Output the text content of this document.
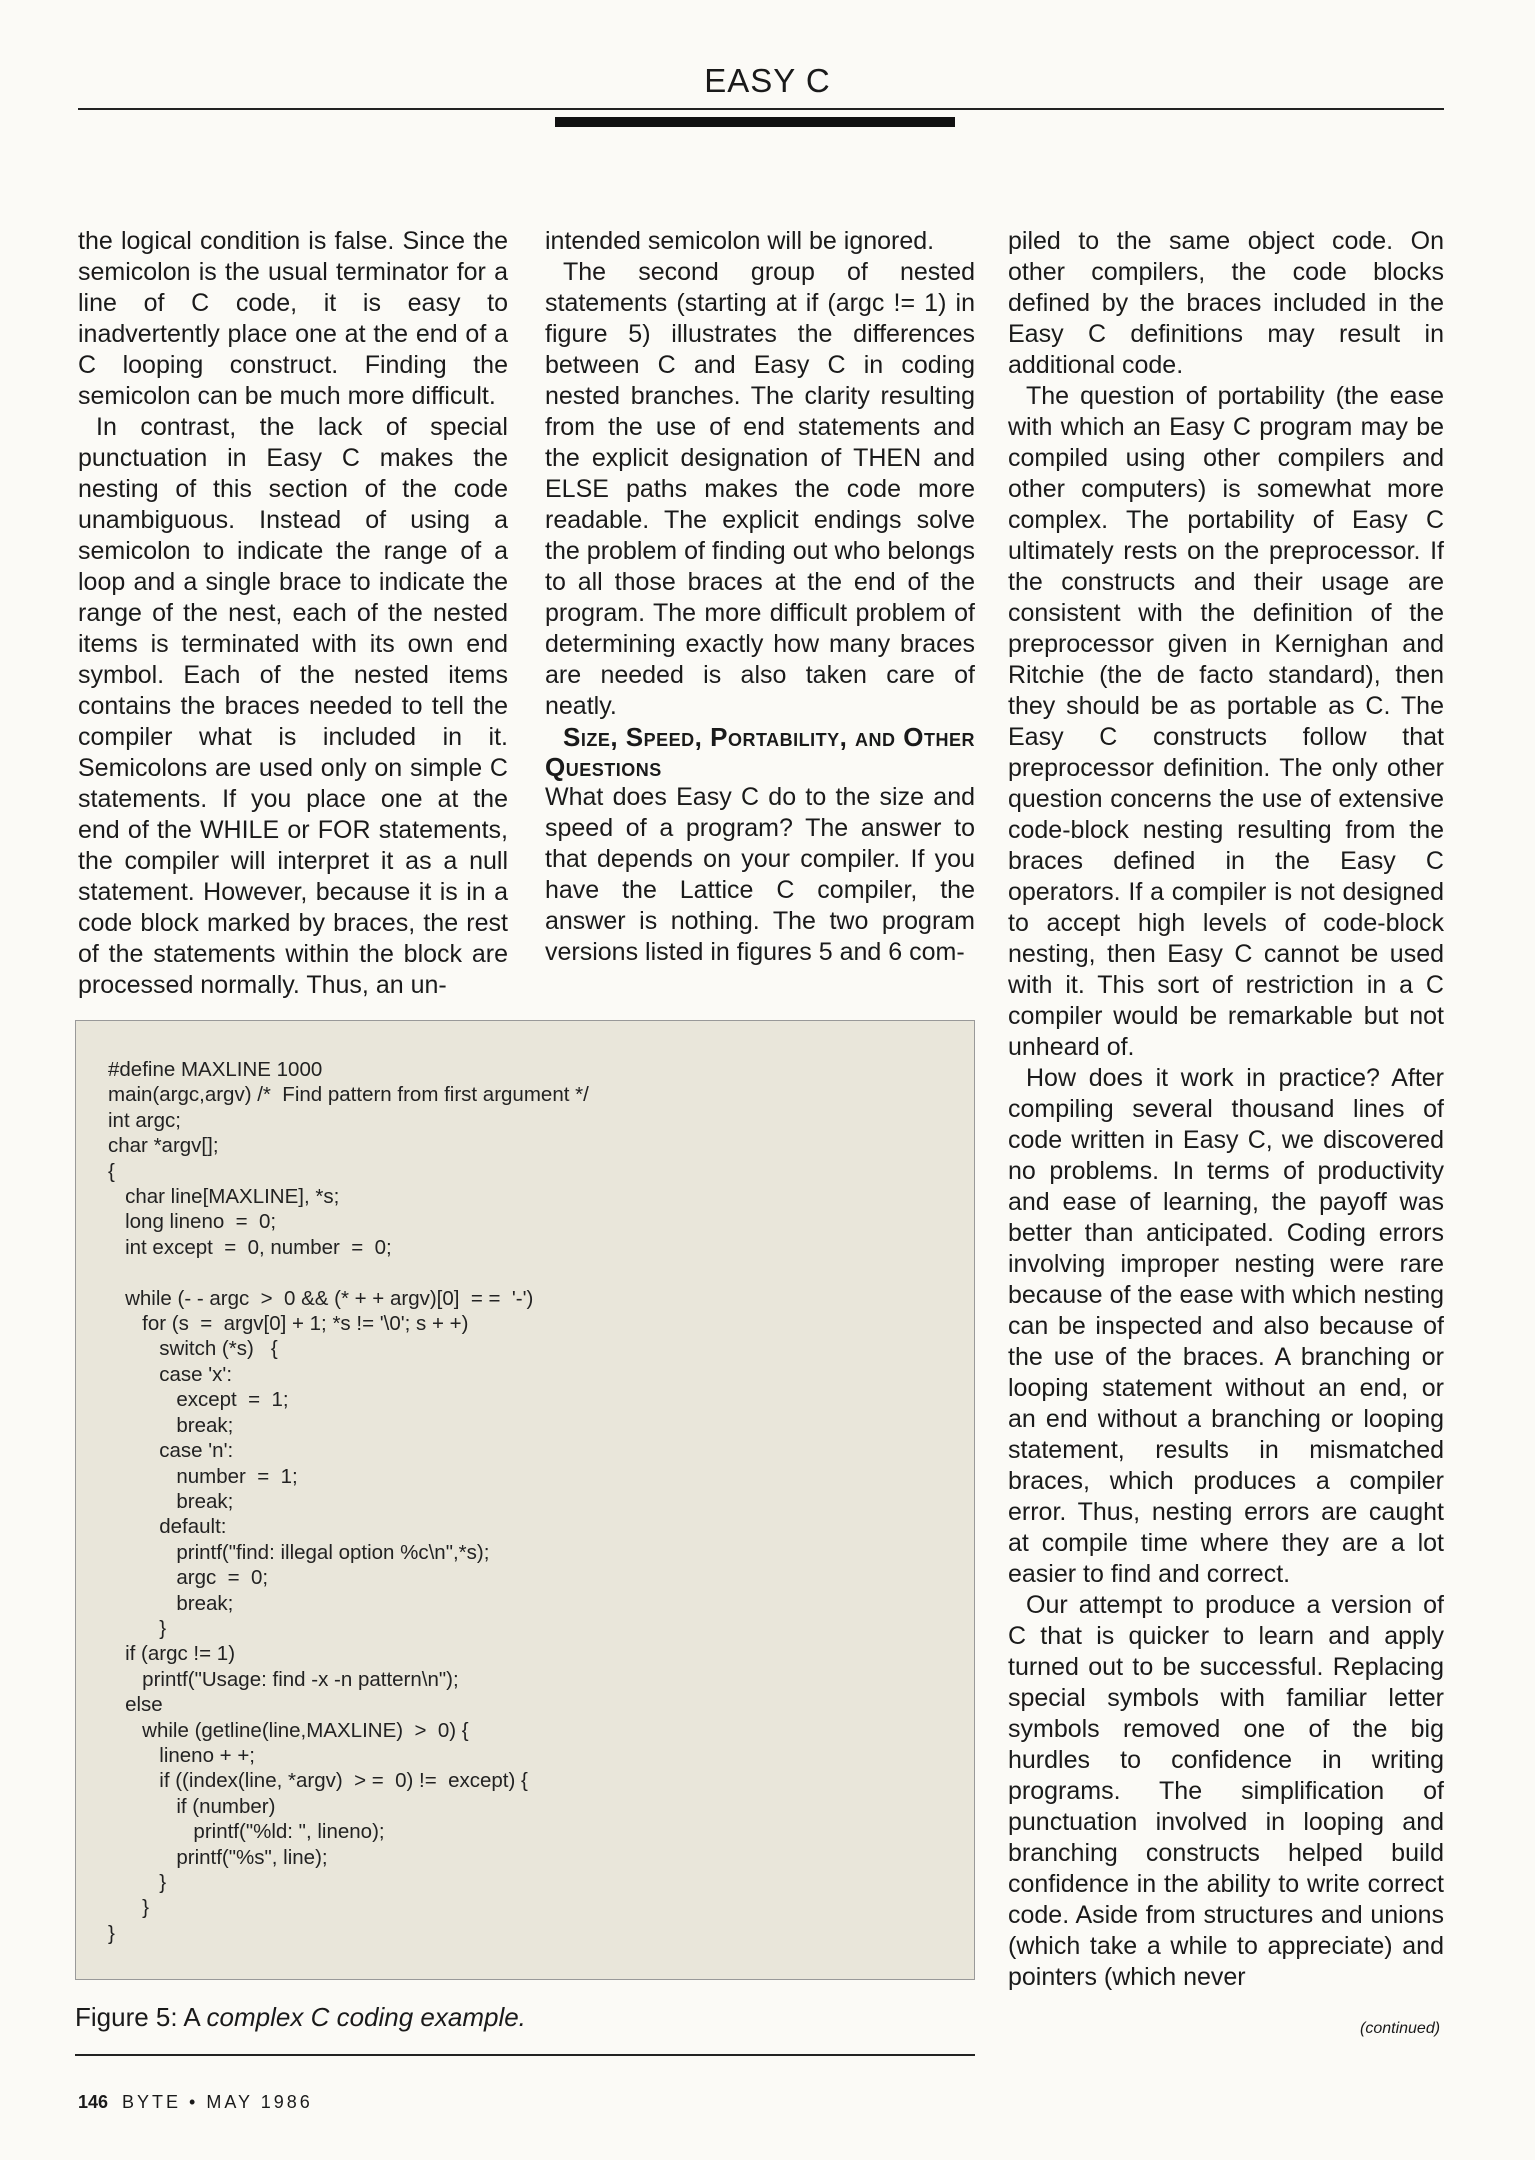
EASY C

the logical condition is false. Since the semicolon is the usual terminator for a line of C code, it is easy to inadvertently place one at the end of a C looping construct. Finding the semicolon can be much more difficult.

In contrast, the lack of special punctuation in Easy C makes the nesting of this section of the code unambiguous. Instead of using a semicolon to indicate the range of a loop and a single brace to indicate the range of the nest, each of the nested items is terminated with its own end symbol. Each of the nested items contains the braces needed to tell the compiler what is included in it. Semicolons are used only on simple C statements. If you place one at the end of the WHILE or FOR statements, the compiler will interpret it as a null statement. However, because it is in a code block marked by braces, the rest of the statements within the block are processed normally. Thus, an un-

intended semicolon will be ignored.

The second group of nested statements (starting at if (argc != 1) in figure 5) illustrates the differences between C and Easy C in coding nested branches. The clarity resulting from the use of end statements and the explicit designation of THEN and ELSE paths makes the code more readable. The explicit endings solve the problem of finding out who belongs to all those braces at the end of the program. The more difficult problem of determining exactly how many braces are needed is also taken care of neatly.

Size, Speed, Portability, and Other Questions

What does Easy C do to the size and speed of a program? The answer to that depends on your compiler. If you have the Lattice C compiler, the answer is nothing. The two program versions listed in figures 5 and 6 com-

piled to the same object code. On other compilers, the code blocks defined by the braces included in the Easy C definitions may result in additional code.

The question of portability (the ease with which an Easy C program may be compiled using other compilers and other computers) is somewhat more complex. The portability of Easy C ultimately rests on the preprocessor. If the constructs and their usage are consistent with the definition of the preprocessor given in Kernighan and Ritchie (the de facto standard), then they should be as portable as C. The Easy C constructs follow that preprocessor definition. The only other question concerns the use of extensive code-block nesting resulting from the braces defined in the Easy C operators. If a compiler is not designed to accept high levels of code-block nesting, then Easy C cannot be used with it. This sort of restriction in a C compiler would be remarkable but not unheard of.

How does it work in practice? After compiling several thousand lines of code written in Easy C, we discovered no problems. In terms of productivity and ease of learning, the payoff was better than anticipated. Coding errors involving improper nesting were rare because of the ease with which nesting can be inspected and also because of the use of the braces. A branching or looping statement without an end, or an end without a branching or looping statement, results in mismatched braces, which produces a compiler error. Thus, nesting errors are caught at compile time where they are a lot easier to find and correct.

Our attempt to produce a version of C that is quicker to learn and apply turned out to be successful. Replacing special symbols with familiar letter symbols removed one of the big hurdles to confidence in writing programs. The simplification of punctuation involved in looping and branching constructs helped build confidence in the ability to write correct code. Aside from structures and unions (which take a while to appreciate) and pointers (which never

(continued)
#define MAXLINE 1000
main(argc,argv) /*  Find pattern from first argument */
int argc;
char *argv[];
{
char line[MAXLINE], *s;
long lineno  =  0;
int except  =  0, number  =  0;

while (- - argc  >  0 && (* + + argv)[0]  = =  '-')
for (s  =  argv[0] + 1; *s != '\0'; s + +)
switch (*s)   {
case 'x':
except  =  1;
break;
case 'n':
number  =  1;
break;
default:
printf("find: illegal option %c\n",*s);
argc  =  0;
break;
}
if (argc != 1)
printf("Usage: find -x -n pattern\n");
else
while (getline(line,MAXLINE)  >  0) {
lineno + +;
if ((index(line, *argv)  > =  0) !=  except) {
if (number)
printf("%ld: ", lineno);
printf("%s", line);
}
}
}
Figure 5: A complex C coding example.
146 BYTE • MAY 1986
